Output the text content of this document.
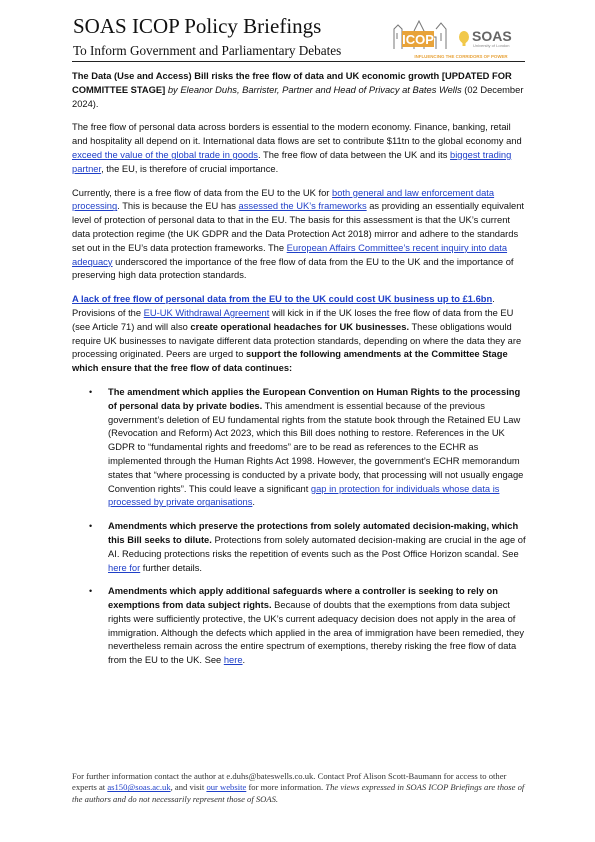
SOAS ICOP Policy Briefings
To Inform Government and Parliamentary Debates
ICOP	SOAS
University of London
INFLUENCING THE CORRIDORS OF POWER

The Data (Use and Access) Bill risks the free flow of data and UK economic growth [UPDATED FOR COMMITTEE STAGE] by Eleanor Duhs, Barrister, Partner and Head of Privacy at Bates Wells (02 December 2024).

The free flow of personal data across borders is essential to the modern economy. Finance, banking, retail and hospitality all depend on it. International data flows are set to contribute $11tn to the global economy and exceed the value of the global trade in goods. The free flow of data between the UK and its biggest trading partner, the EU, is therefore of crucial importance.

Currently, there is a free flow of data from the EU to the UK for both general and law enforcement data processing. This is because the EU has assessed the UK’s frameworks as providing an essentially equivalent level of protection of personal data to that in the EU. The basis for this assessment is that the UK’s current data protection regime (the UK GDPR and the Data Protection Act 2018) mirror and adhere to the standards set out in the EU’s data protection frameworks. The European Affairs Committee’s recent inquiry into data adequacy underscored the importance of the free flow of data from the EU to the UK and the importance of preserving high data protection standards.

A lack of free flow of personal data from the EU to the UK could cost UK business up to £1.6bn. Provisions of the EU-UK Withdrawal Agreement will kick in if the UK loses the free flow of data from the EU (see Article 71) and will also create operational headaches for UK businesses. These obligations would require UK businesses to navigate different data protection standards, depending on where the data they are processing originated. Peers are urged to support the following amendments at the Committee Stage which ensure that the free flow of data continues:

• The amendment which applies the European Convention on Human Rights to the processing of personal data by private bodies. This amendment is essential because of the previous government’s deletion of EU fundamental rights from the statute book through the Retained EU Law (Revocation and Reform) Act 2023, which this Bill does nothing to restore. References in the UK GDPR to “fundamental rights and freedoms” are to be read as references to the ECHR as implemented through the Human Rights Act 1998. However, the government’s ECHR memorandum states that “where processing is conducted by a private body, that processing will not usually engage Convention rights”. This could leave a significant gap in protection for individuals whose data is processed by private organisations.
• Amendments which preserve the protections from solely automated decision-making, which this Bill seeks to dilute. Protections from solely automated decision-making are crucial in the age of AI. Reducing protections risks the repetition of events such as the Post Office Horizon scandal. See here for further details.
• Amendments which apply additional safeguards where a controller is seeking to rely on exemptions from data subject rights. Because of doubts that the exemptions from data subject rights were sufficiently protective, the UK’s current adequacy decision does not apply in the area of immigration. Although the defects which applied in the area of immigration have been remedied, they nevertheless remain across the entire spectrum of exemptions, thereby risking the free flow of data from the EU to the UK. See here.
For further information contact the author at e.duhs@bateswells.co.uk. Contact Prof Alison Scott-Baumann for access to other experts at as150@soas.ac.uk, and visit our website for more information. The views expressed in SOAS ICOP Briefings are those of the authors and do not necessarily represent those of SOAS.
